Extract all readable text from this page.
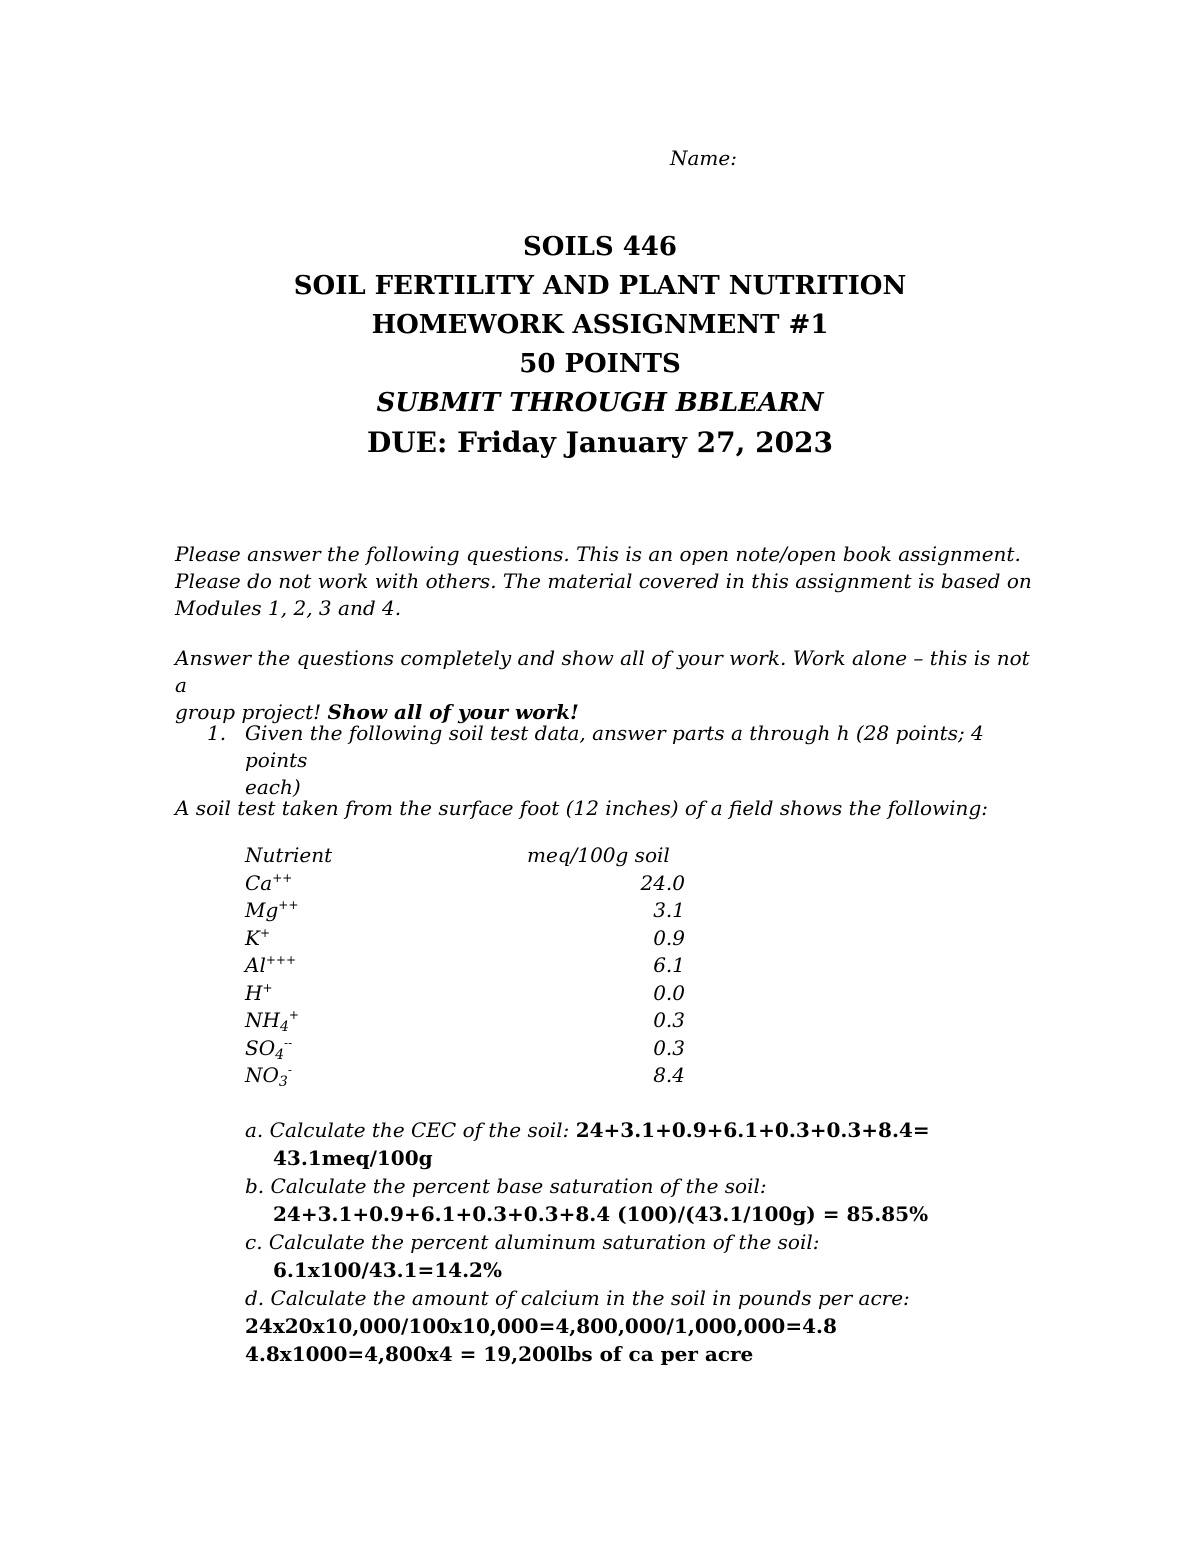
Name:
SOILS 446
SOIL FERTILITY AND PLANT NUTRITION
HOMEWORK ASSIGNMENT #1
50 POINTS
SUBMIT THROUGH BBLEARN
DUE: Friday January 27, 2023
Please answer the following questions. This is an open note/open book assignment.
Please do not work with others. The material covered in this assignment is based on
Modules 1, 2, 3 and 4.
Answer the questions completely and show all of your work. Work alone – this is not a
group project! Show all of your work!
1. Given the following soil test data, answer parts a through h (28 points; 4 points
each)
A soil test taken from the surface foot (12 inches) of a field shows the following:
Nutrient	meq/100g soil
Ca++	24.0
Mg++	3.1
K+	0.9
Al+++	6.1
H+	0.0
$NH_4^+$	0.3
$SO_4^{--}$	0.3
$NO_3^-$	8.4
a. Calculate the CEC of the soil: 24+3.1+0.9+6.1+0.3+0.3+8.4=
43.1meq/100g
b. Calculate the percent base saturation of the soil:
24+3.1+0.9+6.1+0.3+0.3+8.4 (100)/(43.1/100g) = 85.85%
c. Calculate the percent aluminum saturation of the soil:
6.1x100/43.1=14.2%
d. Calculate the amount of calcium in the soil in pounds per acre:
24x20x10,000/100x10,000=4,800,000/1,000,000=4.8
4.8x1000=4,800x4 = 19,200lbs of ca per acre
